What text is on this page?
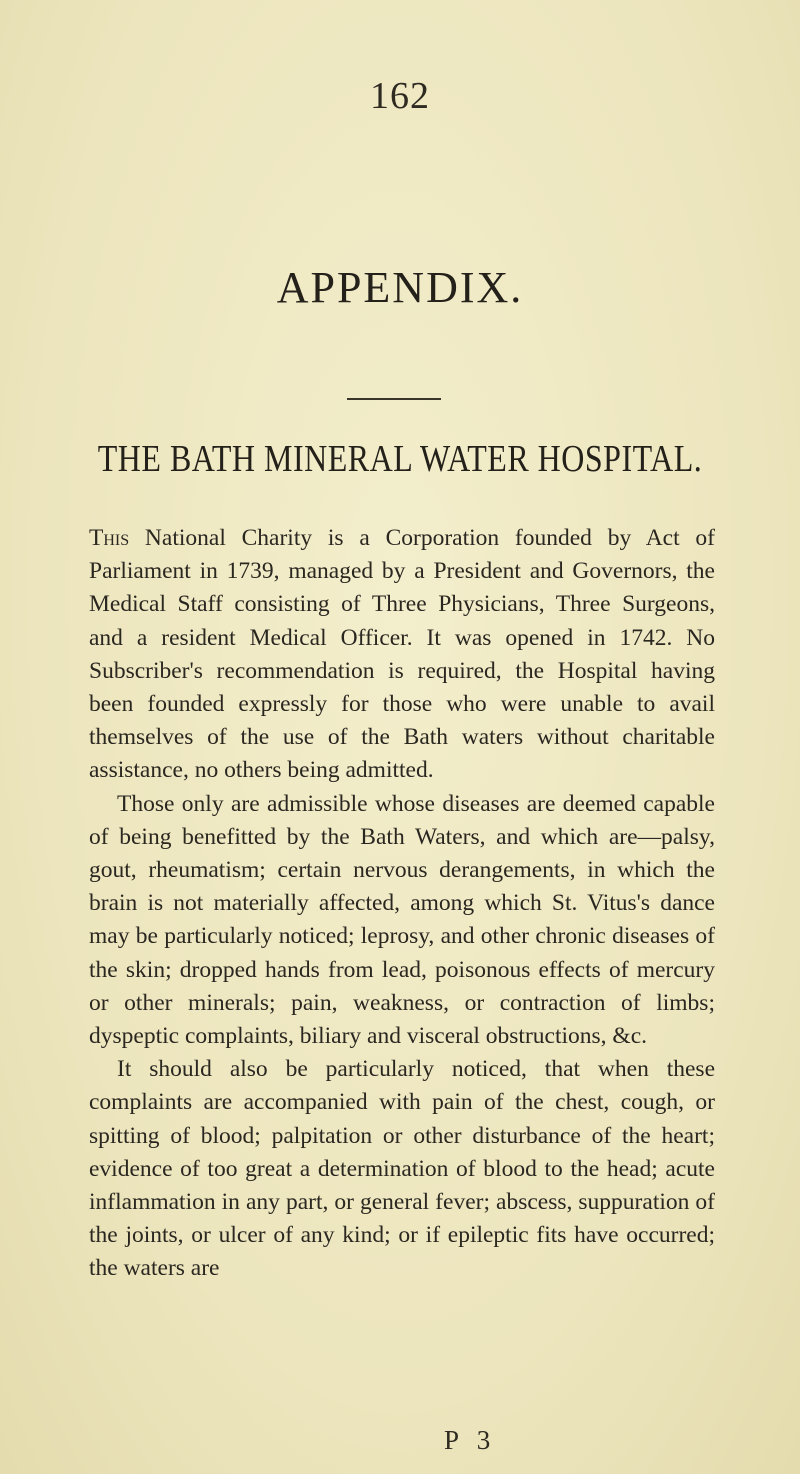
162
APPENDIX.
THE BATH MINERAL WATER HOSPITAL.

This National Charity is a Corporation founded by Act of Parliament in 1739, managed by a President and Governors, the Medical Staff consisting of Three Physicians, Three Surgeons, and a resident Medical Officer. It was opened in 1742. No Subscriber's recommendation is required, the Hospital having been founded expressly for those who were unable to avail themselves of the use of the Bath waters without charitable assistance, no others being admitted.

Those only are admissible whose diseases are deemed capable of being benefitted by the Bath Waters, and which are—palsy, gout, rheumatism; certain nervous derangements, in which the brain is not materially affected, among which St. Vitus's dance may be particularly noticed; leprosy, and other chronic diseases of the skin; dropped hands from lead, poisonous effects of mercury or other minerals; pain, weakness, or contraction of limbs; dyspeptic complaints, biliary and visceral obstructions, &c.

It should also be particularly noticed, that when these complaints are accompanied with pain of the chest, cough, or spitting of blood; palpitation or other disturbance of the heart; evidence of too great a determination of blood to the head; acute inflammation in any part, or general fever; abscess, suppuration of the joints, or ulcer of any kind; or if epileptic fits have occurred; the waters are

P 3
